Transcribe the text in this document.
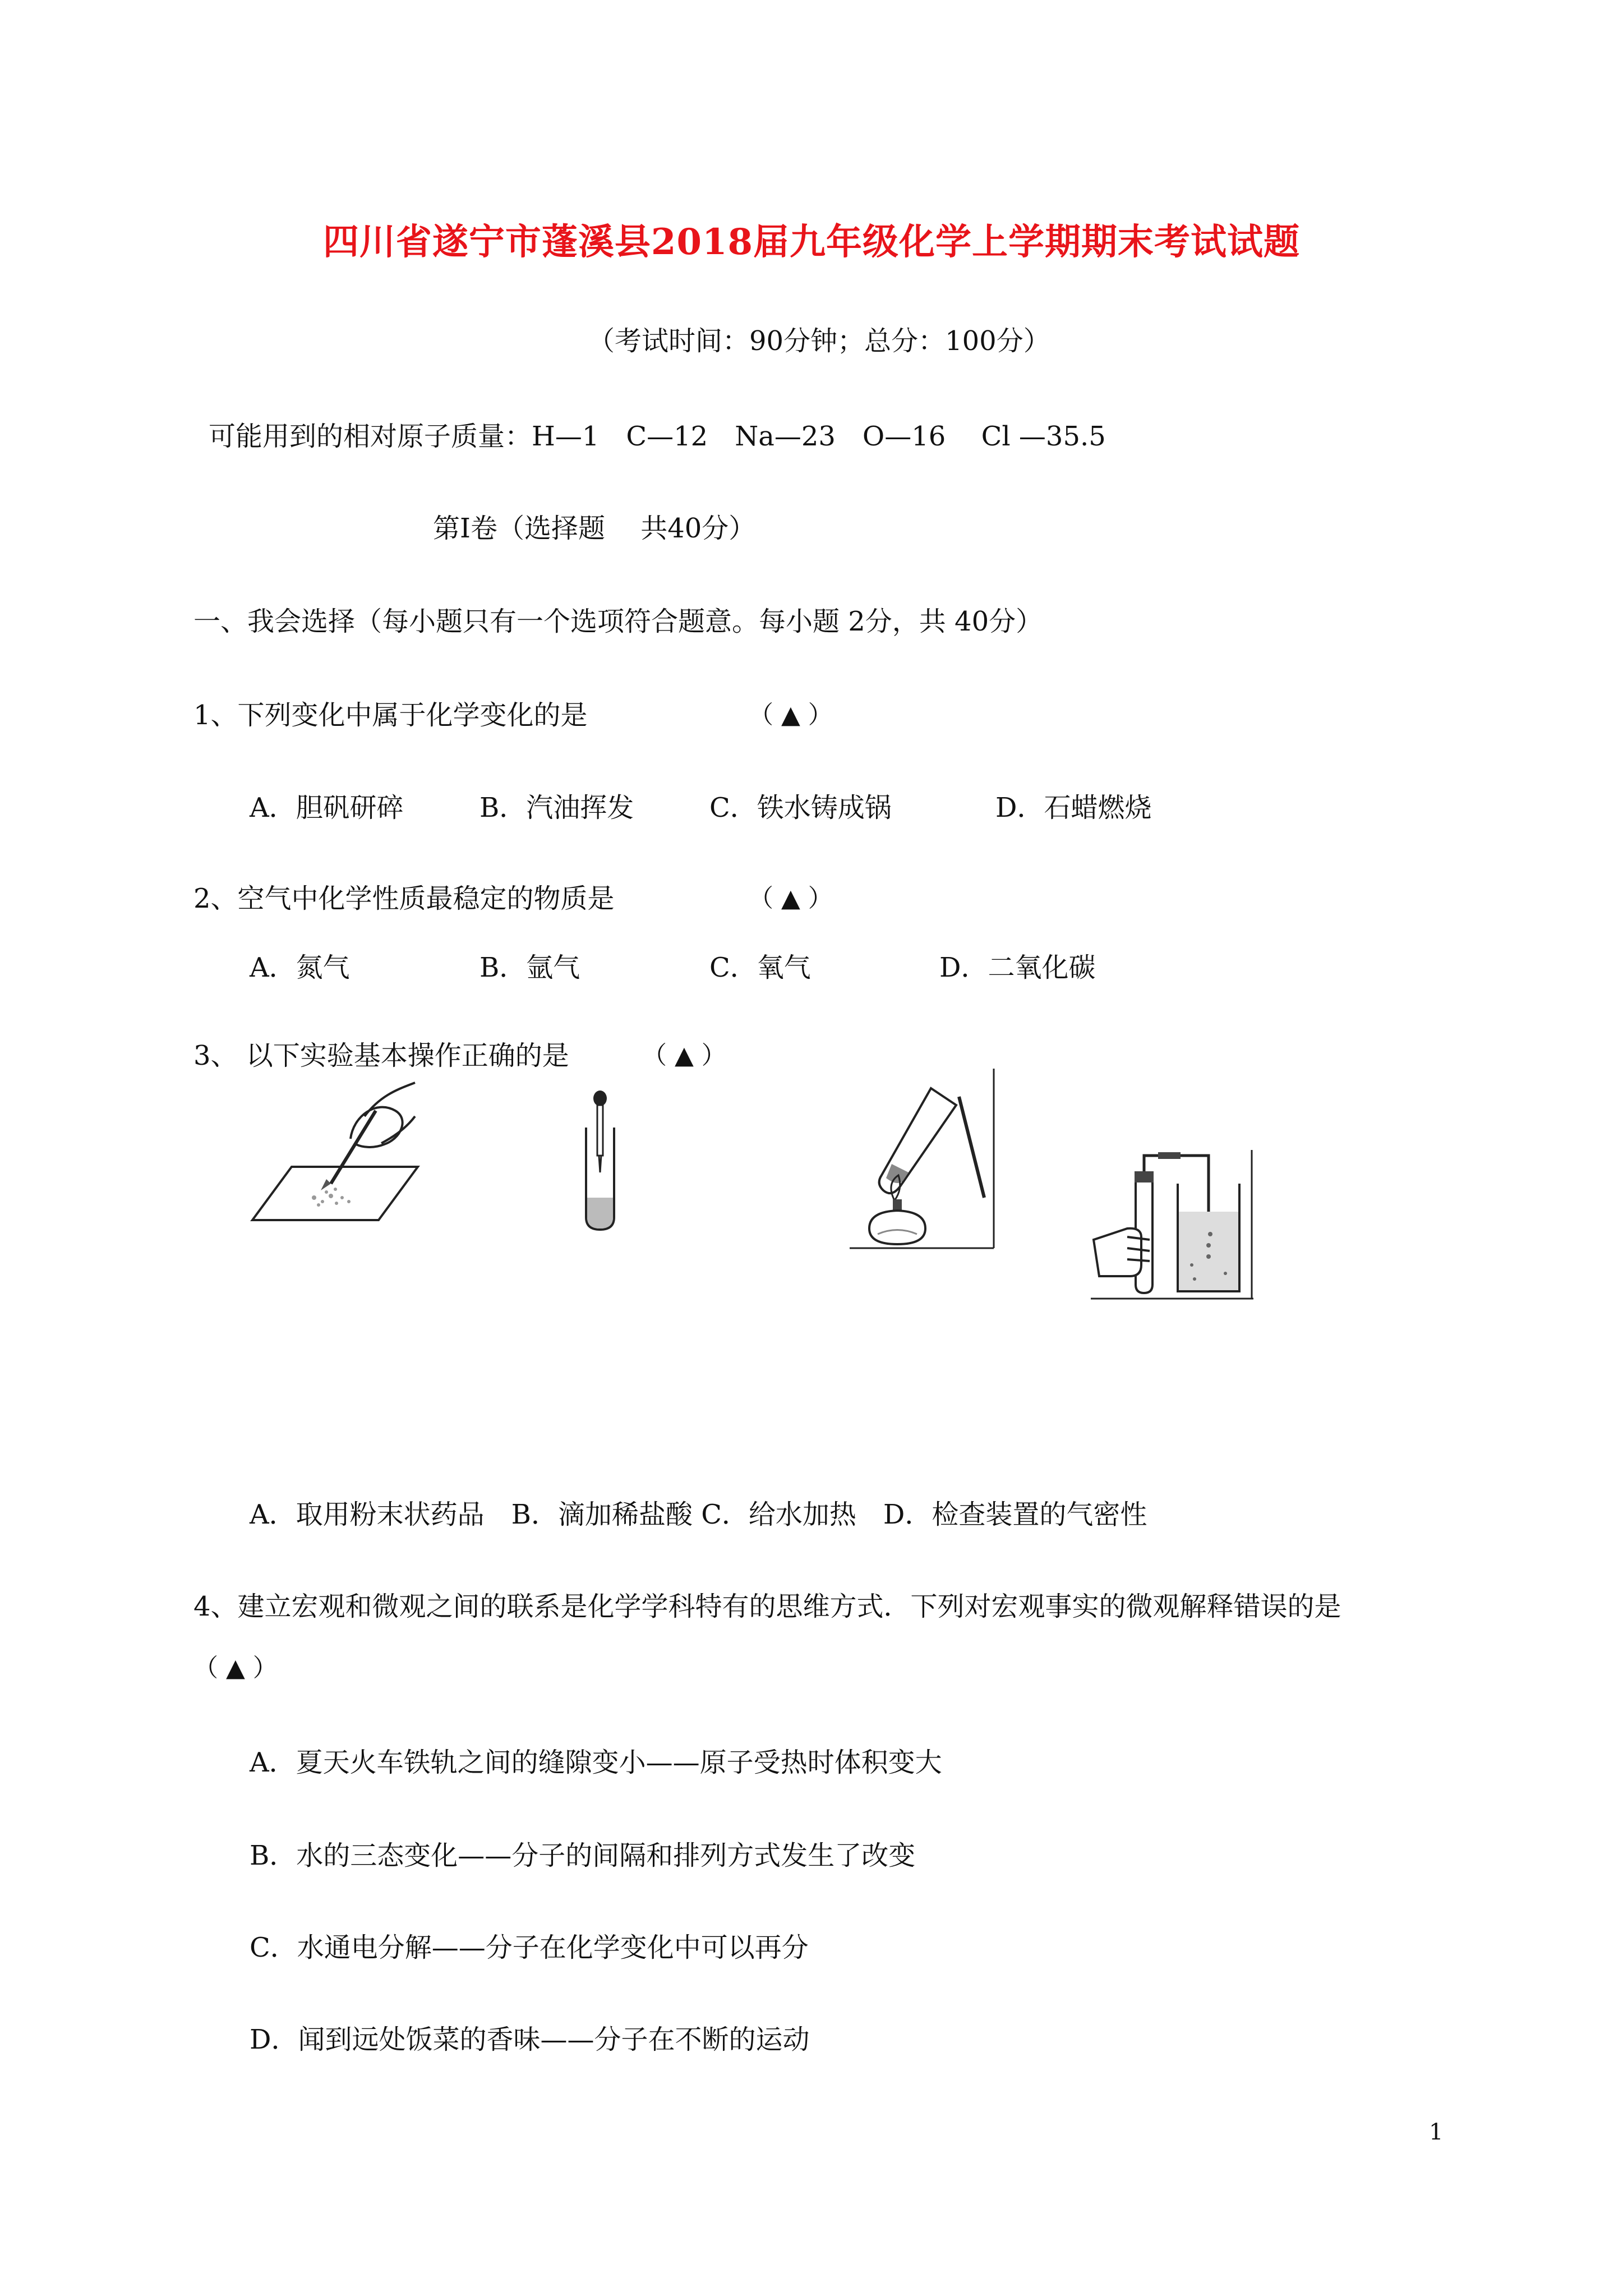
四川省遂宁市蓬溪县2018届九年级化学上学期期末考试试题
（考试时间：90分钟；总分：100分）
可能用到的相对原子质量：H—1　C—12　Na—23　O—16　 Cl —35.5
第Ⅰ卷（选择题　 共40分）
一、我会选择（每小题只有一个选项符合题意。每小题 2分，共 40分）
1、下列变化中属于化学变化的是	（ ▲ ）
A．胆矾研碎	B．汽油挥发	C．铁水铸成锅	D．石蜡燃烧
2、空气中化学性质最稳定的物质是	（ ▲ ）
A．氮气	B．氩气	C．氧气	D．二氧化碳
3、 以下实验基本操作正确的是	（ ▲ ）
A．取用粉末状药品　B．滴加稀盐酸 C．给水加热　D．检查装置的气密性
4、建立宏观和微观之间的联系是化学学科特有的思维方式．下列对宏观事实的微观解释错误的是
（ ▲ ）
A．夏天火车铁轨之间的缝隙变小——原子受热时体积变大
B．水的三态变化——分子的间隔和排列方式发生了改变
C．水通电分解——分子在化学变化中可以再分
D．闻到远处饭菜的香味——分子在不断的运动
1
